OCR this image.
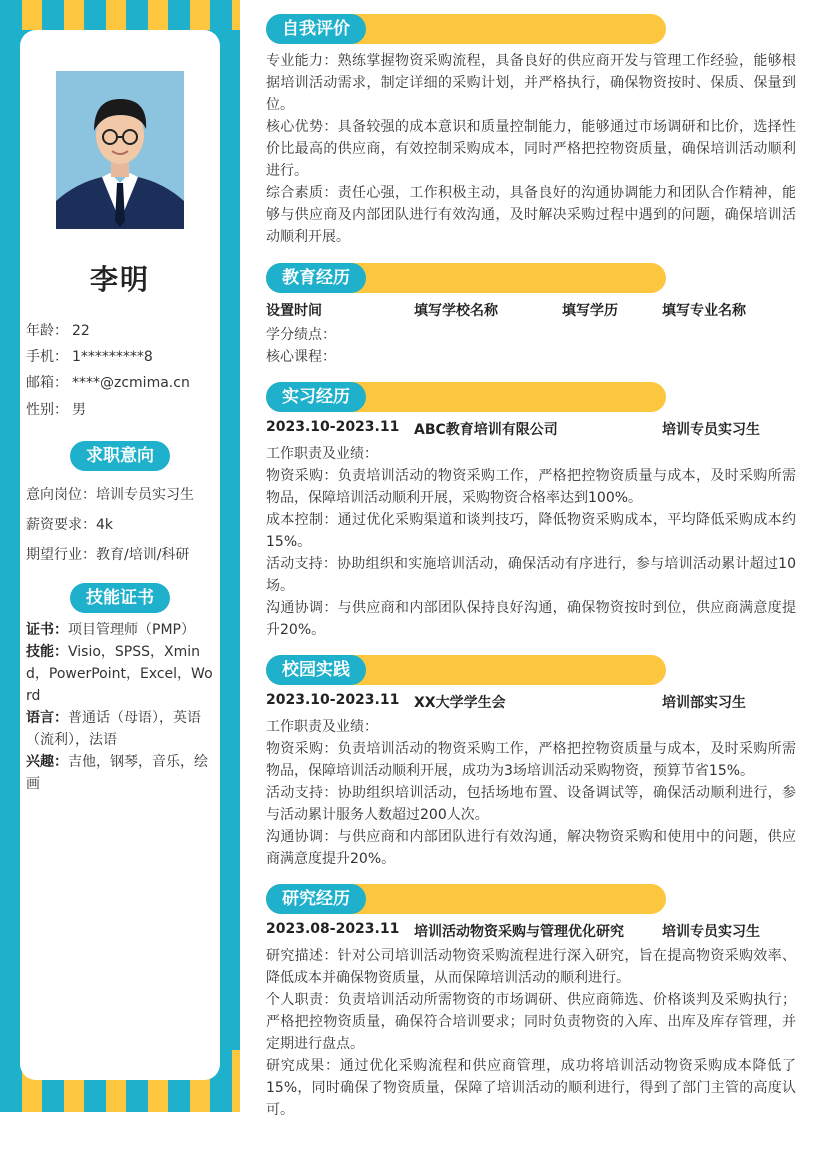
李明
年龄： 22
手机： 1*********8
邮箱： ****@zcmima.cn
性别： 男
求职意向
意向岗位：培训专员实习生
薪资要求：4k
期望行业：教育/培训/科研
技能证书
证书：项目管理师（PMP）
技能：Visio，SPSS，Xmind，PowerPoint，Excel，Word
语言：普通话（母语），英语（流利），法语
兴趣：吉他，钢琴，音乐，绘画
自我评价
专业能力：熟练掌握物资采购流程，具备良好的供应商开发与管理工作经验，能够根据培训活动需求，制定详细的采购计划，并严格执行，确保物资按时、保质、保量到位。
核心优势：具备较强的成本意识和质量控制能力，能够通过市场调研和比价，选择性价比最高的供应商，有效控制采购成本，同时严格把控物资质量，确保培训活动顺利进行。
综合素质：责任心强，工作积极主动，具备良好的沟通协调能力和团队合作精神，能够与供应商及内部团队进行有效沟通，及时解决采购过程中遇到的问题，确保培训活动顺利开展。
教育经历
设置时间	填写学校名称	填写学历	填写专业名称
学分绩点：
核心课程：
实习经历
2023.10-2023.11 ABC教育培训有限公司	培训专员实习生
工作职责及业绩：
物资采购：负责培训活动的物资采购工作，严格把控物资质量与成本，及时采购所需物品，保障培训活动顺利开展，采购物资合格率达到100%。
成本控制：通过优化采购渠道和谈判技巧，降低物资采购成本，平均降低采购成本约15%。
活动支持：协助组织和实施培训活动，确保活动有序进行，参与培训活动累计超过10场。
沟通协调：与供应商和内部团队保持良好沟通，确保物资按时到位，供应商满意度提升20%。
校园实践
2023.10-2023.11 XX大学学生会	培训部实习生
工作职责及业绩：
物资采购：负责培训活动的物资采购工作，严格把控物资质量与成本，及时采购所需物品，保障培训活动顺利开展，成功为3场培训活动采购物资，预算节省15%。
活动支持：协助组织培训活动，包括场地布置、设备调试等，确保活动顺利进行，参与活动累计服务人数超过200人次。
沟通协调：与供应商和内部团队进行有效沟通，解决物资采购和使用中的问题，供应商满意度提升20%。
研究经历
2023.08-2023.11 培训活动物资采购与管理优化研究	培训专员实习生
研究描述：针对公司培训活动物资采购流程进行深入研究，旨在提高物资采购效率、降低成本并确保物资质量，从而保障培训活动的顺利进行。
个人职责：负责培训活动所需物资的市场调研、供应商筛选、价格谈判及采购执行；严格把控物资质量，确保符合培训要求；同时负责物资的入库、出库及库存管理，并定期进行盘点。
研究成果：通过优化采购流程和供应商管理，成功将培训活动物资采购成本降低了15%，同时确保了物资质量，保障了培训活动的顺利进行，得到了部门主管的高度认可。
